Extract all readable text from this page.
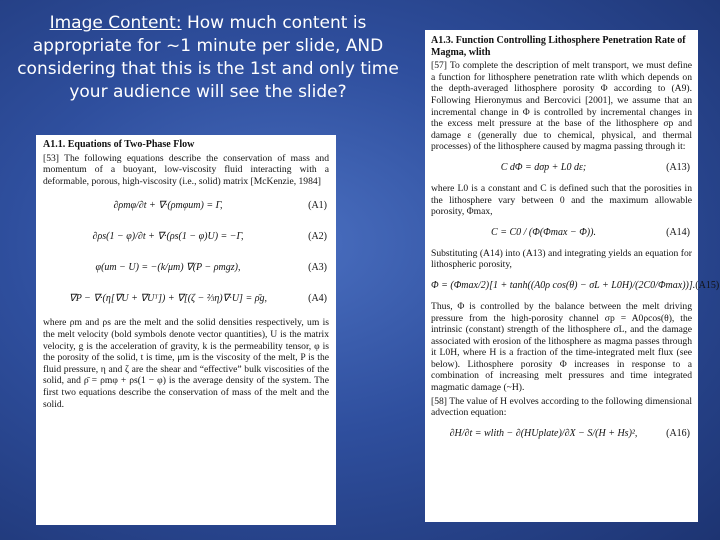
Image Content: How much content is appropriate for ~1 minute per slide, AND considering that this is the 1st and only time your audience will see the slide?
A1.1. Equations of Two-Phase Flow

[53] The following equations describe the conservation of mass and momentum of a buoyant, low-viscosity fluid interacting with a deformable, porous, high-viscosity (i.e., solid) matrix [McKenzie, 1984]

∂ρmφ/∂t + ∇·(ρmφum) = Γ,	(A1)
∂ρs(1 − φ)/∂t + ∇·(ρs(1 − φ)U) = −Γ,	(A2)
φ(um − U) = −(k/μm) ∇(P − ρmgz),	(A3)
∇P − ∇·(η[∇U + ∇Uᵀ]) + ∇[(ζ − ⅔η)∇·U] = ρ̄g,	(A4)

where ρm and ρs are the melt and the solid densities respectively, um is the melt velocity (bold symbols denote vector quantities), U is the matrix velocity, g is the acceleration of gravity, k is the permeability tensor, φ is the porosity of the solid, t is time, μm is the viscosity of the melt, P is the fluid pressure, η and ζ are the shear and “effective” bulk viscosities of the solid, and ρ̄ = ρmφ + ρs(1 − φ) is the average density of the system. The first two equations describe the conservation of mass of the melt and the solid.

A1.3. Function Controlling Lithosphere Penetration Rate of Magma, wlith

[57] To complete the description of melt transport, we must define a function for lithosphere penetration rate wlith which depends on the depth-averaged lithosphere porosity Φ according to (A9). Following Hieronymus and Bercovici [2001], we assume that an incremental change in Φ is controlled by incremental changes in the excess melt pressure at the base of the lithosphere σp and damage ε (generally due to chemical, physical, and thermal processes) of the lithosphere caused by magma passing through it:

C dΦ = dσp + L0 dε;	(A13)

where L0 is a constant and C is defined such that the porosities in the lithosphere vary between 0 and the maximum allowable porosity, Φmax,

C = C0 / (Φ(Φmax − Φ)).	(A14)

Substituting (A14) into (A13) and integrating yields an equation for lithospheric porosity,

Φ = (Φmax/2)[1 + tanh((A0ρ cos(θ) − σL + L0H)/(2C0/Φmax))]. (A15)

Thus, Φ is controlled by the balance between the melt driving pressure from the high-porosity channel σp = A0ρcos(θ), the intrinsic (constant) strength of the lithosphere σL, and the damage associated with erosion of the lithosphere as magma passes through it L0H, where H is a fraction of the time-integrated melt flux (see below). Lithosphere porosity Φ increases in response to a combination of increasing melt pressures and time integrated magmatic damage (~H).

[58] The value of H evolves according to the following dimensional advection equation:

∂H/∂t = wlith − ∂(HUplate)/∂X − S/(H + Hs)²,	(A16)
